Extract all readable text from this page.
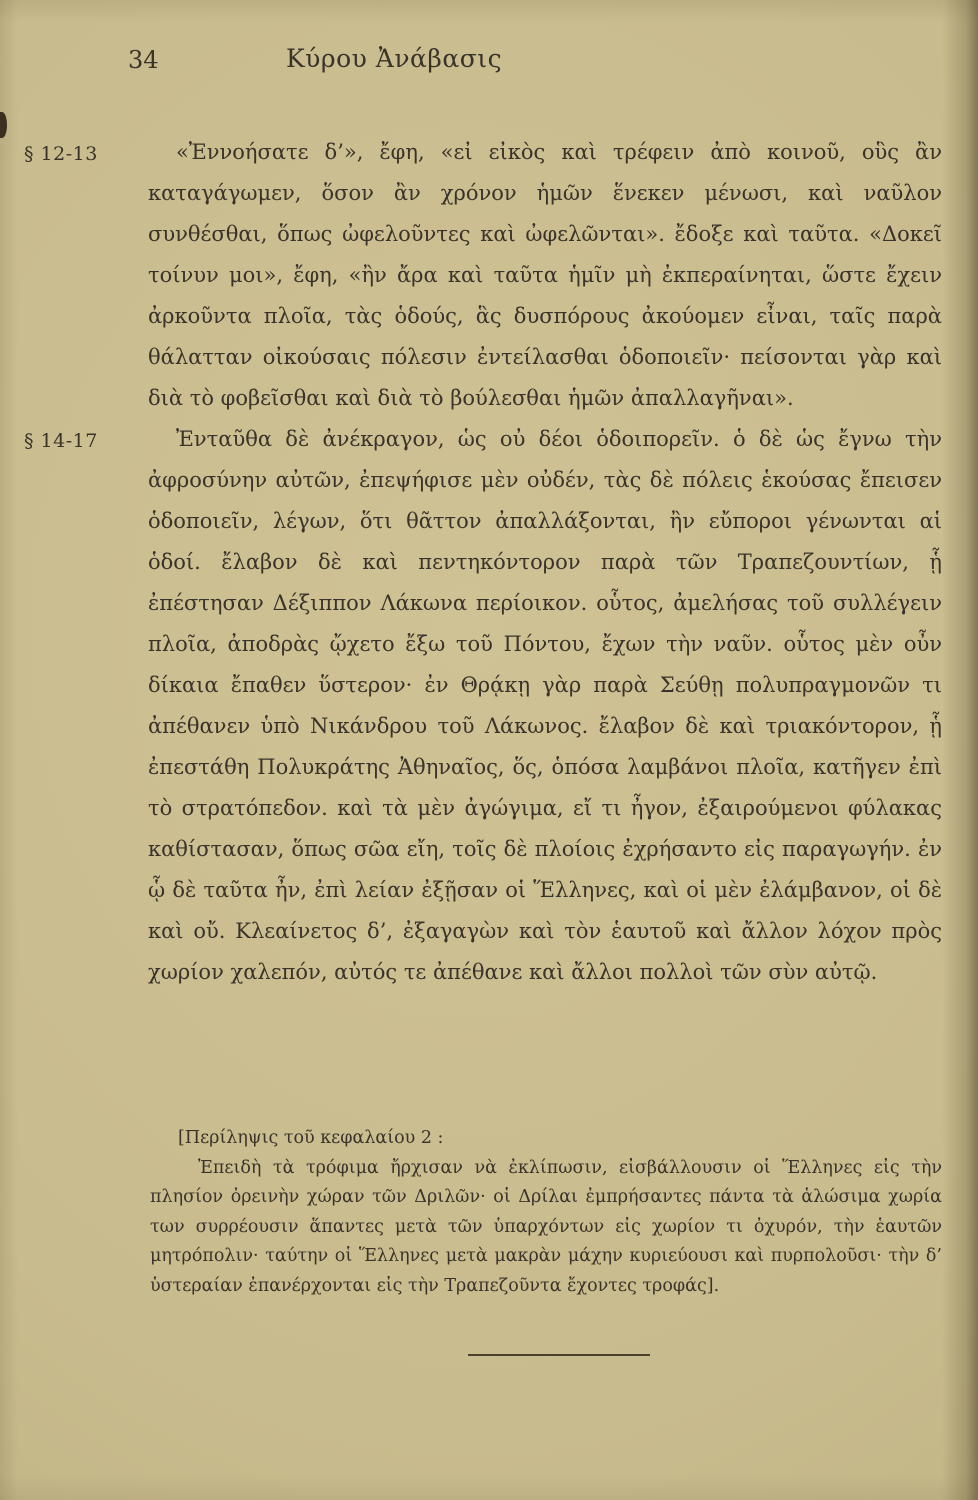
34	Κύρου Ἀνάβασις

§ 12-13	«Ἐννοήσατε δ’», ἔφη, «εἰ εἰκὸς καὶ τρέφειν ἀπὸ κοινοῦ, οὓς ἂν καταγάγωμεν, ὅσον ἂν χρόνον ἡμῶν ἕνεκεν μένωσι, καὶ ναῦλον συνθέσθαι, ὅπως ὠφελοῦντες καὶ ὠφελῶνται». ἔδοξε καὶ ταῦτα. «Δοκεῖ τοίνυν μοι», ἔφη, «ἢν ἄρα καὶ ταῦτα ἡμῖν μὴ ἐκπεραίνηται, ὥστε ἔχειν ἀρκοῦντα πλοῖα, τὰς ὁδούς, ἃς δυσπόρους ἀκούομεν εἶναι, ταῖς παρὰ θάλατταν οἰκούσαις πόλεσιν ἐντείλασθαι ὁδοποιεῖν· πείσονται γὰρ καὶ διὰ τὸ φοβεῖσθαι καὶ διὰ τὸ βούλεσθαι ἡμῶν ἀπαλλαγῆναι».

§ 14-17	Ἐνταῦθα δὲ ἀνέκραγον, ὡς οὐ δέοι ὁδοιπορεῖν. ὁ δὲ ὡς ἔγνω τὴν ἀφροσύνην αὐτῶν, ἐπεψήφισε μὲν οὐδέν, τὰς δὲ πόλεις ἑκούσας ἔπεισεν ὁδοποιεῖν, λέγων, ὅτι θᾶττον ἀπαλλάξονται, ἢν εὔποροι γένωνται αἱ ὁδοί. ἔλαβον δὲ καὶ πεντηκόντορον παρὰ τῶν Τραπεζουντίων, ᾗ ἐπέστησαν Δέξιππον Λάκωνα περίοικον. οὗτος, ἀμελήσας τοῦ συλλέγειν πλοῖα, ἀποδρὰς ᾤχετο ἔξω τοῦ Πόντου, ἔχων τὴν ναῦν. οὗτος μὲν οὖν δίκαια ἔπαθεν ὕστερον· ἐν Θρᾴκῃ γὰρ παρὰ Σεύθῃ πολυπραγμονῶν τι ἀπέθανεν ὑπὸ Νικάνδρου τοῦ Λάκωνος. ἔλαβον δὲ καὶ τριακόντορον, ᾗ ἐπεστάθη Πολυκράτης Ἀθηναῖος, ὅς, ὁπόσα λαμβάνοι πλοῖα, κατῆγεν ἐπὶ τὸ στρατόπεδον. καὶ τὰ μὲν ἀγώγιμα, εἴ τι ἦγον, ἐξαιρούμενοι φύλακας καθίστασαν, ὅπως σῶα εἴη, τοῖς δὲ πλοίοις ἐχρήσαντο εἰς παραγωγήν. ἐν ᾧ δὲ ταῦτα ἦν, ἐπὶ λείαν ἐξῇσαν οἱ Ἕλληνες, καὶ οἱ μὲν ἐλάμβανον, οἱ δὲ καὶ οὔ. Κλεαίνετος δ’, ἐξαγαγὼν καὶ τὸν ἑαυτοῦ καὶ ἄλλον λόχον πρὸς χωρίον χαλεπόν, αὐτός τε ἀπέθανε καὶ ἄλλοι πολλοὶ τῶν σὺν αὐτῷ.

[Περίληψις τοῦ κεφαλαίου 2 :

Ἐπειδὴ τὰ τρόφιμα ἤρχισαν νὰ ἐκλίπωσιν, εἰσβάλλουσιν οἱ Ἕλληνες εἰς τὴν πλησίον ὀρεινὴν χώραν τῶν Δριλῶν· οἱ Δρίλαι ἐμπρήσαντες πάντα τὰ ἁλώσιμα χωρία των συρρέουσιν ἅπαντες μετὰ τῶν ὑπαρχόντων εἰς χωρίον τι ὀχυρόν, τὴν ἑαυτῶν μητρόπολιν· ταύτην οἱ Ἕλληνες μετὰ μακρὰν μάχην κυριεύουσι καὶ πυρπολοῦσι· τὴν δ’ ὑστεραίαν ἐπανέρχονται εἰς τὴν Τραπεζοῦντα ἔχοντες τροφάς].
